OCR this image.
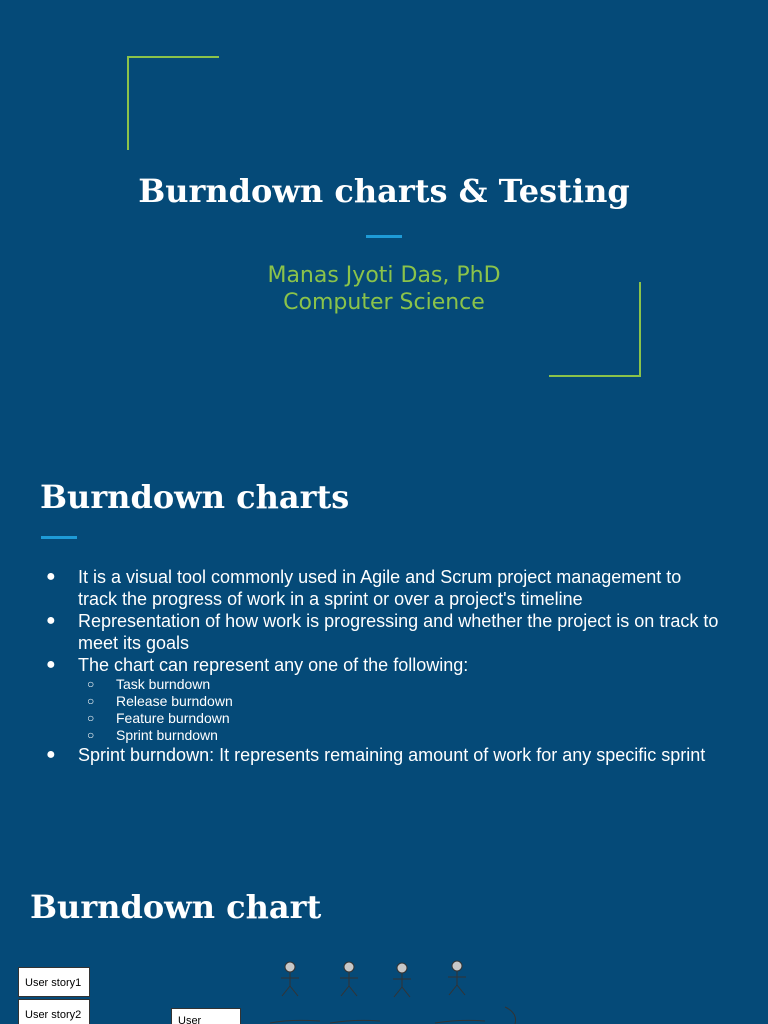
Burndown charts & Testing
Manas Jyoti Das, PhD
Computer Science
Burndown charts
● It is a visual tool commonly used in Agile and Scrum project management to track the progress of work in a sprint or over a project's timeline
● Representation of how work is progressing and whether the project is on track to meet its goals
● The chart can represent any one of the following:
○ Task burndown
○ Release burndown
○ Feature burndown
○ Sprint burndown
● Sprint burndown: It represents remaining amount of work for any specific sprint
Burndown chart
User story1
User story2	User
